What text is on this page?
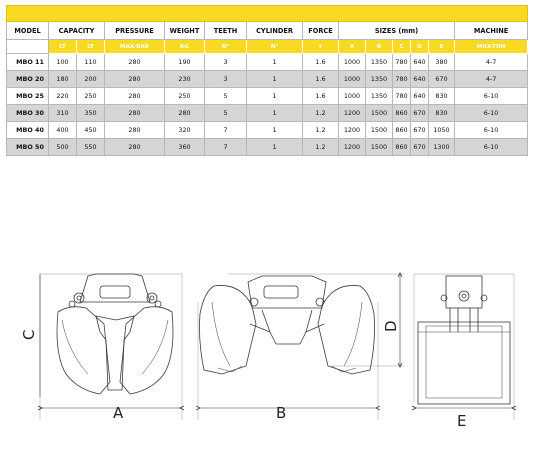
MODEL	CAPACITY		PRESSURE	WEIGHT	TEETH	CYLINDER	FORCE	SIZES (mm)					MACHINE
	LT	LT	MAX-BAR	KG	N°	N°	t	A	B	C	D	E	MAX-TON
MBO 11	100	110	280	190	3	1	1.6	1000	1350	780	640	380	4-7
MBO 20	180	200	280	230	3	1	1.6	1000	1350	780	640	670	4-7
MBO 25	220	250	280	250	5	1	1.6	1000	1350	780	640	830	6-10
MBO 30	310	350	280	280	5	1	1.2	1200	1500	860	670	830	6-10
MBO 40	400	450	280	320	7	1	1.2	1200	1500	860	670	1050	6-10
MBO 50	500	550	280	360	7	1	1.2	1200	1500	860	670	1300	6-10
C
A	B
D
E
